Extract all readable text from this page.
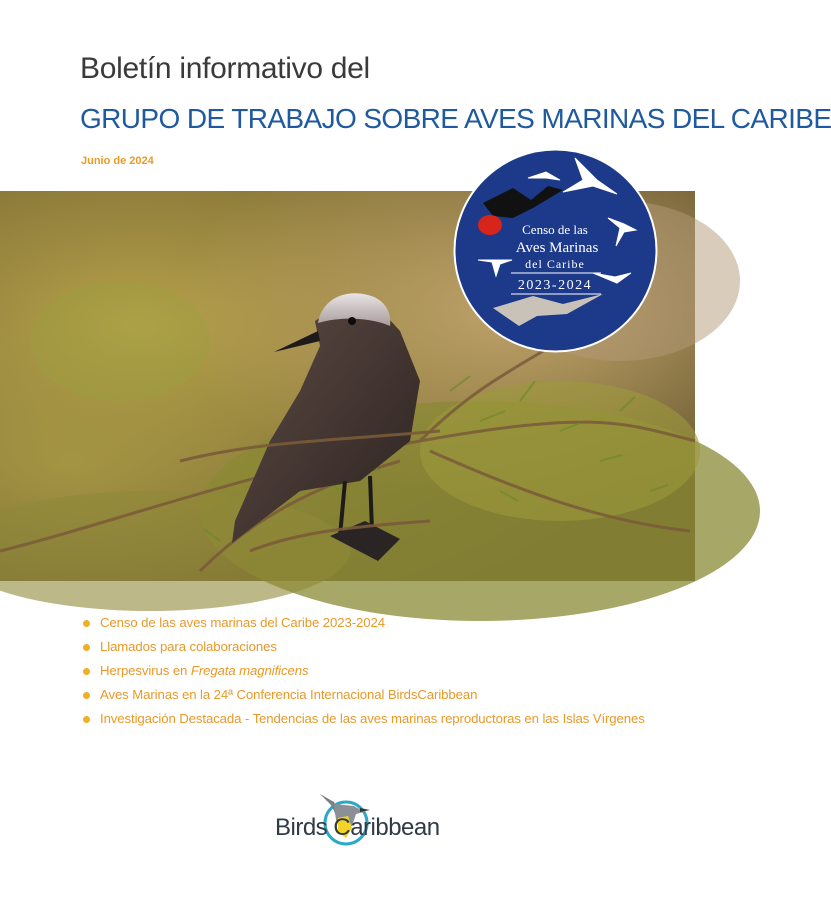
Boletín informativo del
GRUPO DE TRABAJO SOBRE AVES MARINAS DEL CARIBE
Junio de 2024
Censo de las
Aves Marinas
del Caribe
2023-2024
Censo de las aves marinas del Caribe 2023-2024
Llamados para colaboraciones
Herpesvirus en Fregata magnificens
Aves Marinas en la 24ª Conferencia Internacional BirdsCaribbean
Investigación Destacada - Tendencias de las aves marinas reproductoras en las Islas Vírgenes
Birds Caribbean
